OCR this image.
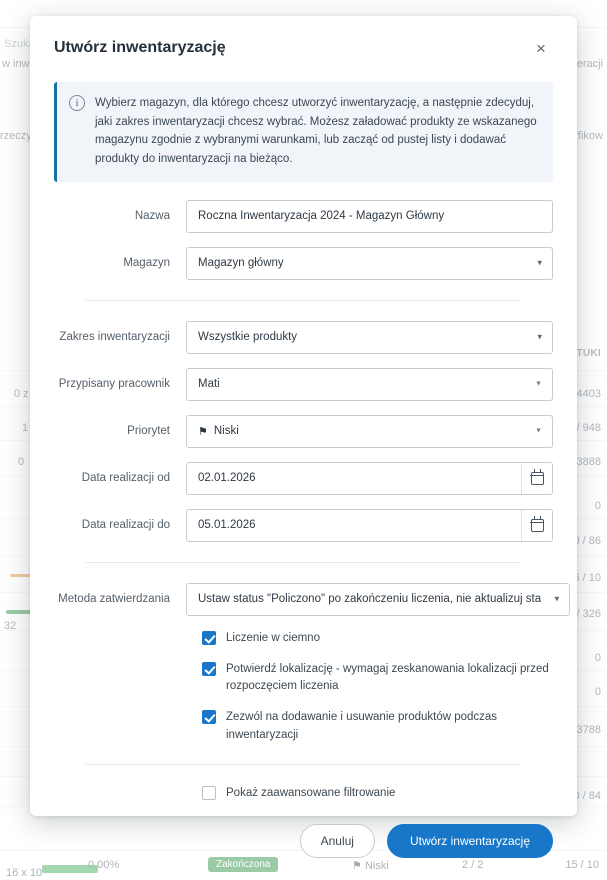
Utwórz inwentaryzację	×
i	Wybierz magazyn, dla którego chcesz utworzyć inwentaryzację, a następnie zdecyduj, jaki zakres inwentaryzacji chcesz wybrać. Możesz załadować produkty ze wskazanego magazynu zgodnie z wybranymi warunkami, lub zacząć od pustej listy i dodawać produkty do inwentaryzacji na bieżąco.
Nazwa	Roczna Inwentaryzacja 2024 - Magazyn Główny
Magazyn	Magazyn główny	▾
Zakres inwentaryzacji	Wszystkie produkty	▾
Przypisany pracownik	Mati	▼
Priorytet	⚑ Niski	▼
Data realizacji od	02.01.2026
Data realizacji do	05.01.2026
Metoda zatwierdzania	Ustaw status "Policzono" po zakończeniu liczenia, nie aktualizuj sta	▾
Liczenie w ciemno
Potwierdź lokalizację - wymagaj zeskanowania lokalizacji przed rozpoczęciem liczenia
Zezwól na dodawanie i usuwanie produktów podczas inwentaryzacji
Pokaż zaawansowane filtrowanie
Anuluj	Utwórz inwentaryzację
